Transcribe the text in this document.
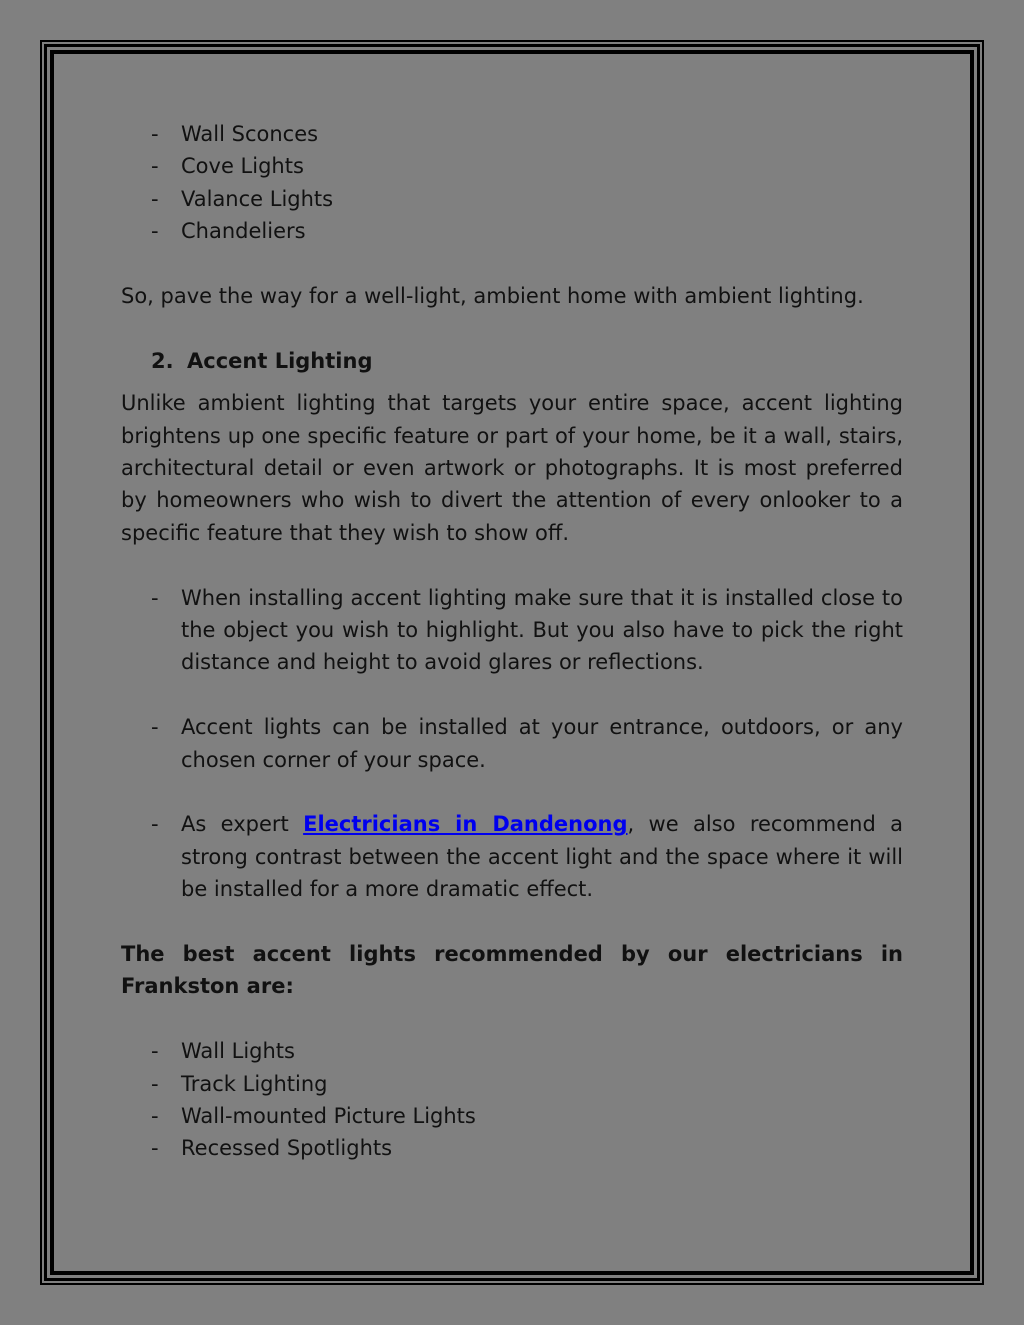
- Wall Sconces
- Cove Lights
- Valance Lights
- Chandeliers

So, pave the way for a well-light, ambient home with ambient lighting.

2. Accent Lighting

Unlike ambient lighting that targets your entire space, accent lighting brightens up one specific feature or part of your home, be it a wall, stairs, architectural detail or even artwork or photographs. It is most preferred by homeowners who wish to divert the attention of every onlooker to a specific feature that they wish to show off.

- When installing accent lighting make sure that it is installed close to the object you wish to highlight. But you also have to pick the right distance and height to avoid glares or reflections.
- Accent lights can be installed at your entrance, outdoors, or any chosen corner of your space.
- As expert Electricians in Dandenong, we also recommend a strong contrast between the accent light and the space where it will be installed for a more dramatic effect.

The best accent lights recommended by our electricians in Frankston are:

- Wall Lights
- Track Lighting
- Wall-mounted Picture Lights
- Recessed Spotlights
